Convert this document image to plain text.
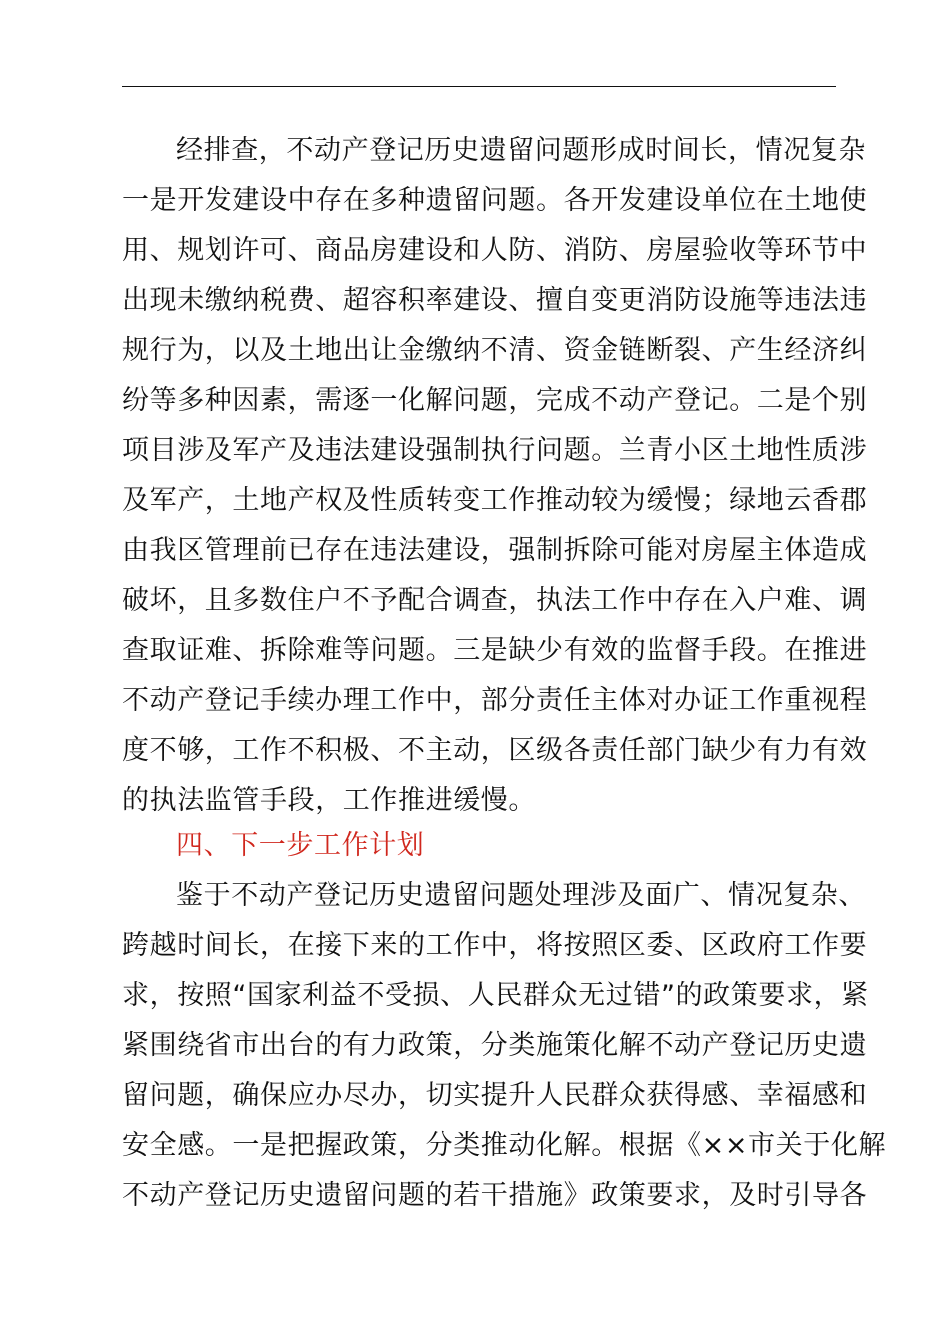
经排查，不动产登记历史遗留问题形成时间长，情况复杂
一是开发建设中存在多种遗留问题。各开发建设单位在土地使
用、规划许可、商品房建设和人防、消防、房屋验收等环节中
出现未缴纳税费、超容积率建设、擅自变更消防设施等违法违
规行为，以及土地出让金缴纳不清、资金链断裂、产生经济纠
纷等多种因素，需逐一化解问题，完成不动产登记。二是个别
项目涉及军产及违法建设强制执行问题。兰青小区土地性质涉
及军产，土地产权及性质转变工作推动较为缓慢；绿地云香郡
由我区管理前已存在违法建设，强制拆除可能对房屋主体造成
破坏，且多数住户不予配合调查，执法工作中存在入户难、调
查取证难、拆除难等问题。三是缺少有效的监督手段。在推进
不动产登记手续办理工作中，部分责任主体对办证工作重视程
度不够，工作不积极、不主动，区级各责任部门缺少有力有效
的执法监管手段，工作推进缓慢。
四、下一步工作计划
鉴于不动产登记历史遗留问题处理涉及面广、情况复杂、
跨越时间长，在接下来的工作中，将按照区委、区政府工作要
求，按照“国家利益不受损、人民群众无过错”的政策要求，紧
紧围绕省市出台的有力政策，分类施策化解不动产登记历史遗
留问题，确保应办尽办，切实提升人民群众获得感、幸福感和
安全感。一是把握政策，分类推动化解。根据《××市关于化解
不动产登记历史遗留问题的若干措施》政策要求，及时引导各
